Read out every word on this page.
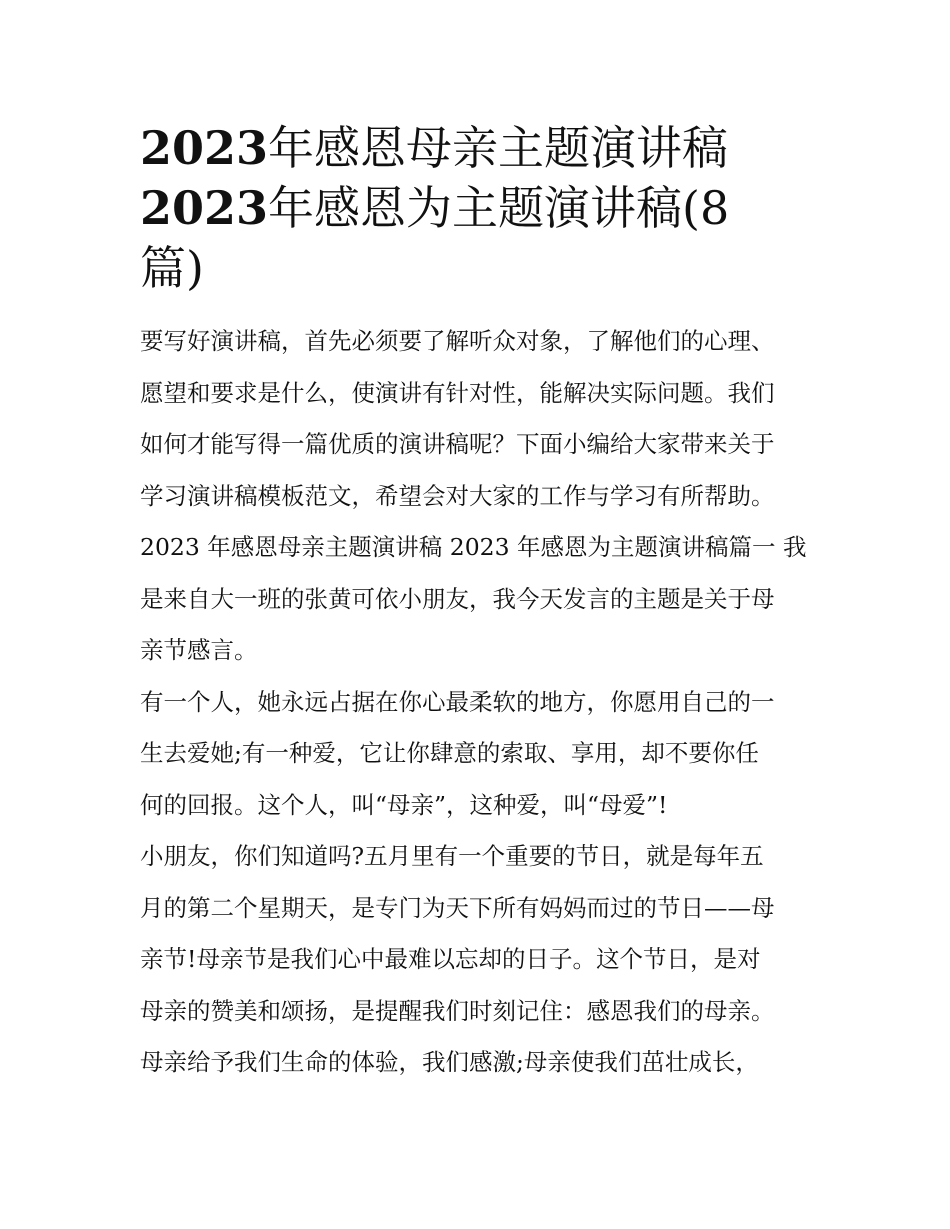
2023年感恩母亲主题演讲稿
2023年感恩为主题演讲稿(8
篇)

要写好演讲稿，首先必须要了解听众对象，了解他们的心理、
愿望和要求是什么，使演讲有针对性，能解决实际问题。我们
如何才能写得一篇优质的演讲稿呢？下面小编给大家带来关于
学习演讲稿模板范文，希望会对大家的工作与学习有所帮助。

2023 年感恩母亲主题演讲稿 2023 年感恩为主题演讲稿篇一 我
是来自大一班的张黄可依小朋友，我今天发言的主题是关于母
亲节感言。

有一个人，她永远占据在你心最柔软的地方，你愿用自己的一
生去爱她;有一种爱，它让你肆意的索取、享用，却不要你任
何的回报。这个人，叫“母亲”，这种爱，叫“母爱”!

小朋友，你们知道吗?五月里有一个重要的节日，就是每年五
月的第二个星期天，是专门为天下所有妈妈而过的节日——母
亲节!母亲节是我们心中最难以忘却的日子。这个节日，是对
母亲的赞美和颂扬，是提醒我们时刻记住：感恩我们的母亲。
母亲给予我们生命的体验，我们感激;母亲使我们茁壮成长，
